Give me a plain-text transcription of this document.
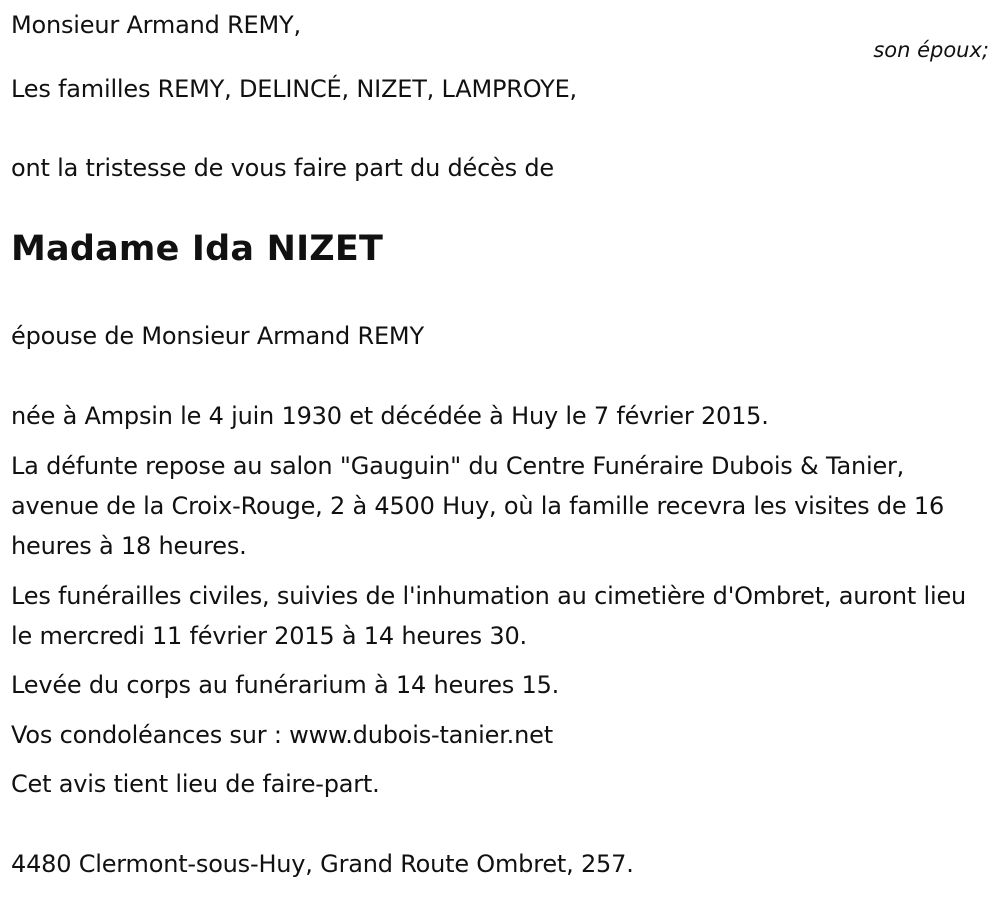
Monsieur Armand REMY,
son époux;
Les familles REMY, DELINCÉ, NIZET, LAMPROYE,
ont la tristesse de vous faire part du décès de
Madame Ida NIZET
épouse de Monsieur Armand REMY
née à Ampsin le 4 juin 1930 et décédée à Huy le 7 février 2015.
La défunte repose au salon "Gauguin" du Centre Funéraire Dubois & Tanier, avenue de la Croix-Rouge, 2 à 4500 Huy, où la famille recevra les visites de 16 heures à 18 heures.
Les funérailles civiles, suivies de l'inhumation au cimetière d'Ombret, auront lieu le mercredi 11 février 2015 à 14 heures 30.
Levée du corps au funérarium à 14 heures 15.
Vos condoléances sur : www.dubois-tanier.net
Cet avis tient lieu de faire-part.
4480 Clermont-sous-Huy, Grand Route Ombret, 257.
